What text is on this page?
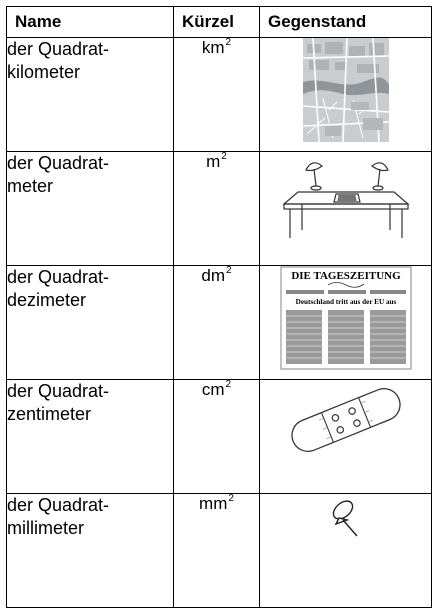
Name	Kürzel	Gegenstand

der Quadrat-
kilometer	$km^2$	

der Quadrat-
meter	$m^2$	

der Quadrat-
dezimeter	$dm^2$	DIE TAGESZEITUNG
Deutschland tritt aus der EU aus

der Quadrat-
zentimeter	$cm^2$	

der Quadrat-
millimeter	$mm^2$	
